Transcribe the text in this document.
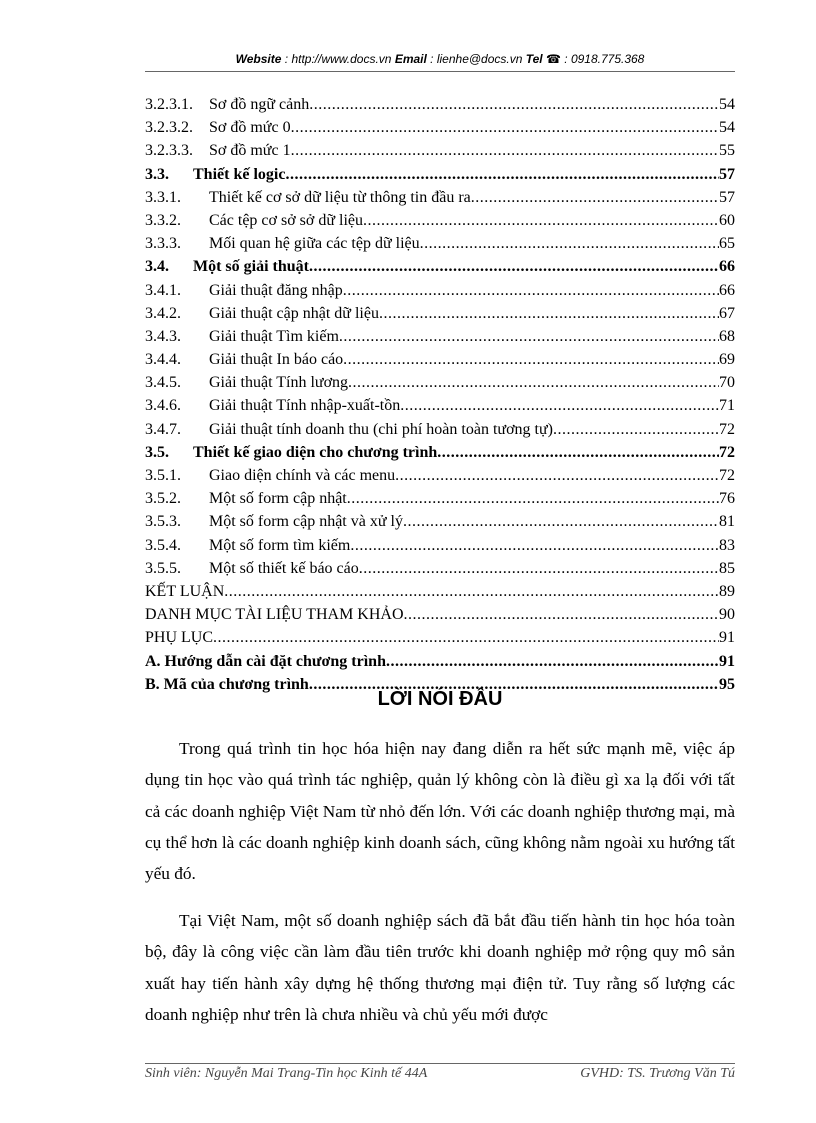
Website : http://www.docs.vn Email : lienhe@docs.vn Tel ☎ : 0918.775.368
3.2.3.1.	Sơ đồ ngữ cảnh .....	54
3.2.3.2.	Sơ đồ mức 0 .....	54
3.2.3.3.	Sơ đồ mức 1 .....	55
3.3.	Thiết kế logic .....	57
3.3.1.	Thiết kế cơ sở dữ liệu từ thông tin đầu ra .....	57
3.3.2.	Các tệp cơ sở sở dữ liệu .....	60
3.3.3.	Mối quan hệ giữa các tệp dữ liệu .....	65
3.4.	Một số giải thuật .....	66
3.4.1.	Giải thuật đăng nhập .....	66
3.4.2.	Giải thuật cập nhật dữ liệu .....	67
3.4.3.	Giải thuật Tìm kiếm .....	68
3.4.4.	Giải thuật In báo cáo .....	69
3.4.5.	Giải thuật Tính lương .....	70
3.4.6.	Giải thuật Tính nhập-xuất-tồn .....	71
3.4.7.	Giải thuật tính doanh thu (chi phí hoàn toàn tương tự) .....	72
3.5.	Thiết kế giao diện cho chương trình .....	72
3.5.1.	Giao diện chính và các menu .....	72
3.5.2.	Một số form cập nhật .....	76
3.5.3.	Một số form cập nhật và xử lý .....	81
3.5.4.	Một số form tìm kiếm .....	83
3.5.5.	Một số thiết kế báo cáo .....	85
KẾT LUẬN .....	89
DANH MỤC TÀI LIỆU THAM KHẢO .....	90
PHỤ LỤC .....	91
A. Hướng dẫn cài đặt chương trình .....	91
B. Mã của chương trình .....	95
LỜI NÓI ĐẦU

Trong quá trình tin học hóa hiện nay đang diễn ra hết sức mạnh mẽ, việc áp dụng tin học vào quá trình tác nghiệp, quản lý không còn là điều gì xa lạ đối với tất cả các doanh nghiệp Việt Nam từ nhỏ đến lớn. Với các doanh nghiệp thương mại, mà cụ thể hơn là các doanh nghiệp kinh doanh sách, cũng không nằm ngoài xu hướng tất yếu đó.

Tại Việt Nam, một số doanh nghiệp sách đã bắt đầu tiến hành tin học hóa toàn bộ, đây là công việc cần làm đầu tiên trước khi doanh nghiệp mở rộng quy mô sản xuất hay tiến hành xây dựng hệ thống thương mại điện tử. Tuy rằng số lượng các doanh nghiệp như trên là chưa nhiều và chủ yếu mới được

Sinh viên: Nguyễn Mai Trang-Tin học Kinh tế 44A	GVHD: TS. Trương Văn Tú
